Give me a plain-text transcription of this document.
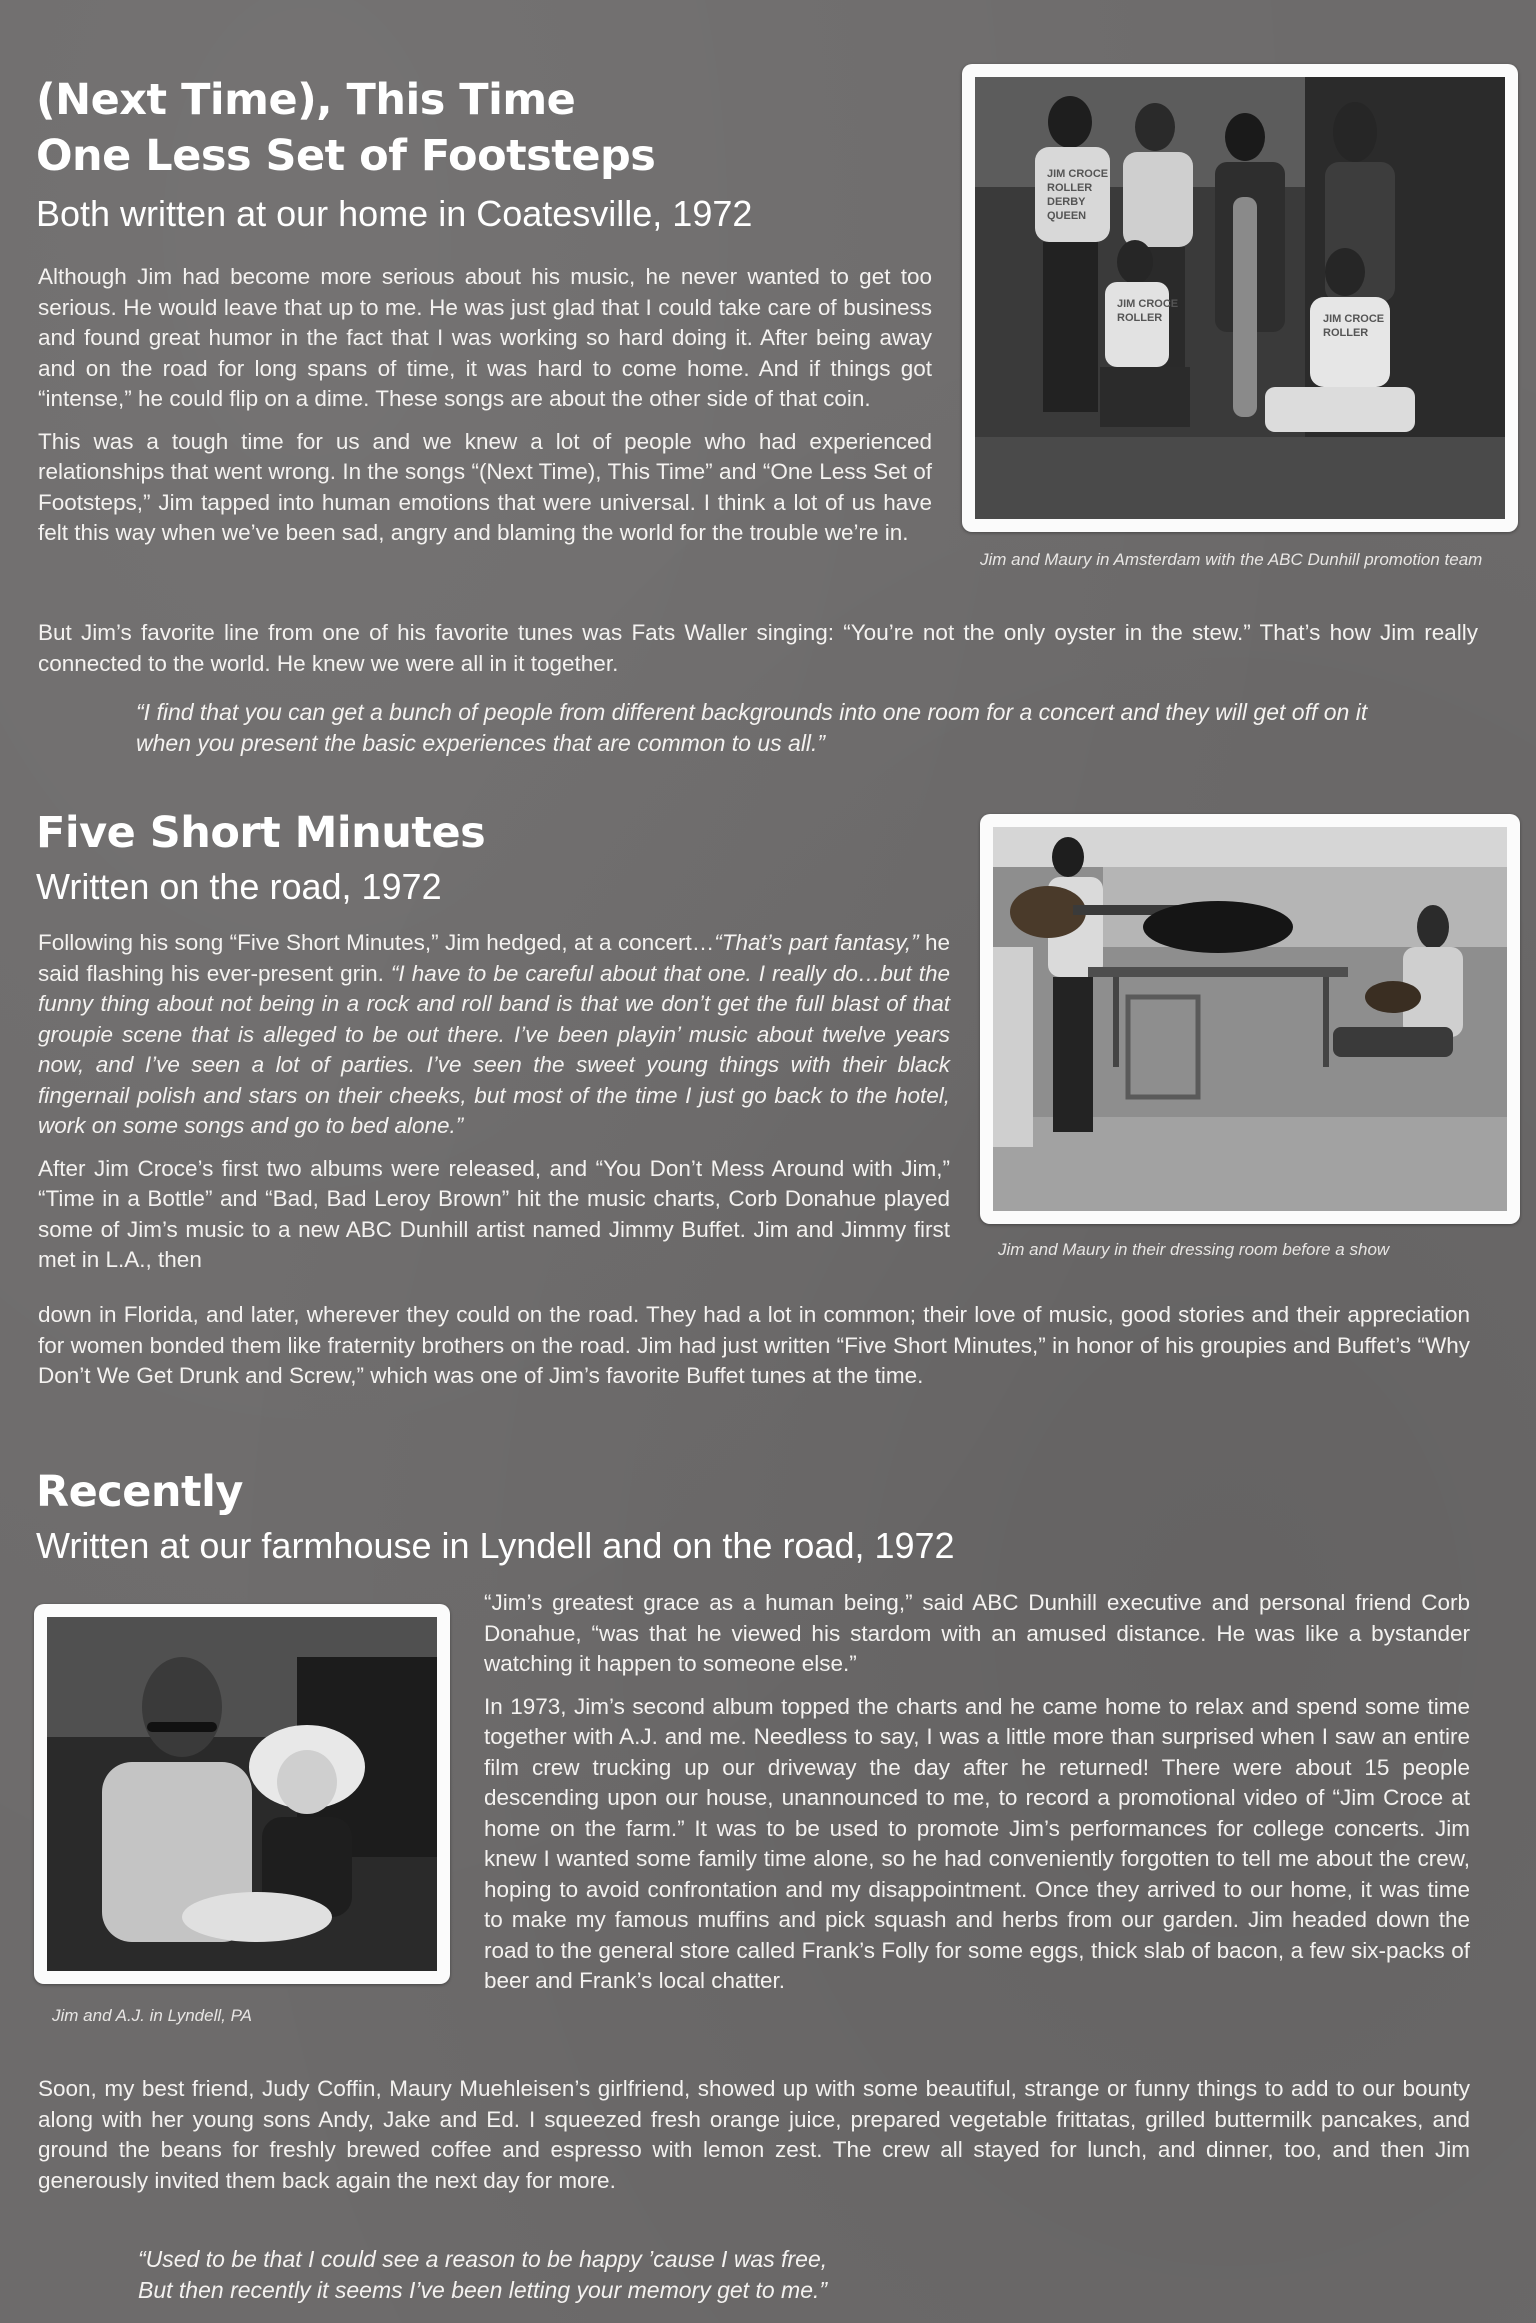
(Next Time), This Time
One Less Set of Footsteps
Both written at our home in Coatesville, 1972

Although Jim had become more serious about his music, he never wanted to get too serious. He would leave that up to me. He was just glad that I could take care of business and found great humor in the fact that I was working so hard doing it. After being away and on the road for long spans of time, it was hard to come home. And if things got “intense,” he could flip on a dime. These songs are about the other side of that coin.

This was a tough time for us and we knew a lot of people who had experienced relationships that went wrong. In the songs “(Next Time), This Time” and “One Less Set of Footsteps,” Jim tapped into human emotions that were universal. I think a lot of us have felt this way when we’ve been sad, angry and blaming the world for the trouble we’re in.

JIM CROCE
ROLLER
DERBY
QUEEN
JIM CROCE
ROLLER	JIM CROCE
ROLLER
Jim and Maury in Amsterdam with the ABC Dunhill promotion team

But Jim’s favorite line from one of his favorite tunes was Fats Waller singing: “You’re not the only oyster in the stew.” That’s how Jim really connected to the world. He knew we were all in it together.

“I find that you can get a bunch of people from different backgrounds into one room for a concert and they will get off on it when you present the basic experiences that are common to us all.”

Five Short Minutes
Written on the road, 1972

Following his song “Five Short Minutes,” Jim hedged, at a concert…“That’s part fantasy,” he said flashing his ever-present grin. “I have to be careful about that one. I really do…but the funny thing about not being in a rock and roll band is that we don’t get the full blast of that groupie scene that is alleged to be out there. I’ve been playin’ music about twelve years now, and I’ve seen a lot of parties. I’ve seen the sweet young things with their black fingernail polish and stars on their cheeks, but most of the time I just go back to the hotel, work on some songs and go to bed alone.”

After Jim Croce’s first two albums were released, and “You Don’t Mess Around with Jim,” “Time in a Bottle” and “Bad, Bad Leroy Brown” hit the music charts, Corb Donahue played some of Jim’s music to a new ABC Dunhill artist named Jimmy Buffet. Jim and Jimmy first met in L.A., then	Jim and Maury in their dressing room before a show

down in Florida, and later, wherever they could on the road. They had a lot in common; their love of music, good stories and their appreciation for women bonded them like fraternity brothers on the road. Jim had just written “Five Short Minutes,” in honor of his groupies and Buffet’s “Why Don’t We Get Drunk and Screw,” which was one of Jim’s favorite Buffet tunes at the time.

Recently
Written at our farmhouse in Lyndell and on the road, 1972
Jim and A.J. in Lyndell, PA

“Jim’s greatest grace as a human being,” said ABC Dunhill executive and personal friend Corb Donahue, “was that he viewed his stardom with an amused distance. He was like a bystander watching it happen to someone else.”

In 1973, Jim’s second album topped the charts and he came home to relax and spend some time together with A.J. and me. Needless to say, I was a little more than surprised when I saw an entire film crew trucking up our driveway the day after he returned! There were about 15 people descending upon our house, unannounced to me, to record a promotional video of “Jim Croce at home on the farm.” It was to be used to promote Jim’s performances for college concerts. Jim knew I wanted some family time alone, so he had conveniently forgotten to tell me about the crew, hoping to avoid confrontation and my disappointment. Once they arrived to our home, it was time to make my famous muffins and pick squash and herbs from our garden. Jim headed down the road to the general store called Frank’s Folly for some eggs, thick slab of bacon, a few six-packs of beer and Frank’s local chatter.

Soon, my best friend, Judy Coffin, Maury Muehleisen’s girlfriend, showed up with some beautiful, strange or funny things to add to our bounty along with her young sons Andy, Jake and Ed. I squeezed fresh orange juice, prepared vegetable frittatas, grilled buttermilk pancakes, and ground the beans for freshly brewed coffee and espresso with lemon zest. The crew all stayed for lunch, and dinner, too, and then Jim generously invited them back again the next day for more.

“Used to be that I could see a reason to be happy ’cause I was free,

But then recently it seems I’ve been letting your memory get to me.”
